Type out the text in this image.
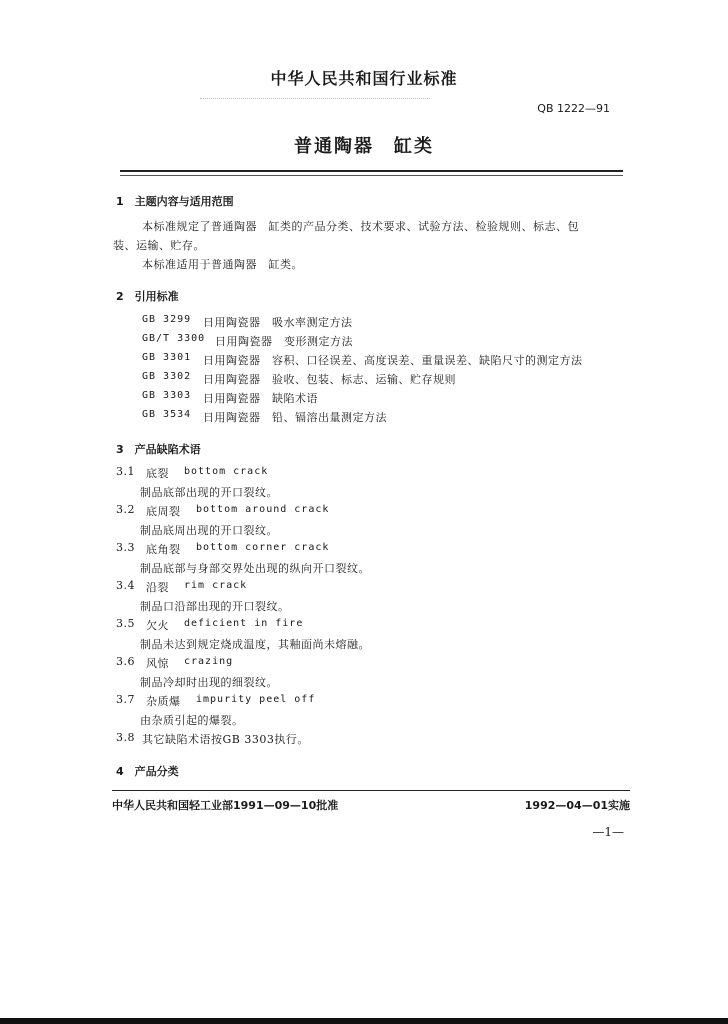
中华人民共和国行业标准
QB 1222—91
普通陶器　缸类
1　主题内容与适用范围
本标准规定了普通陶器　缸类的产品分类、技术要求、试验方法、检验规则、标志、包
装、运输、贮存。
本标准适用于普通陶器　缸类。
2　引用标准
GB 3299 日用陶瓷器　吸水率测定方法
GB/T 3300 日用陶瓷器　变形测定方法
GB 3301 日用陶瓷器　容积、口径误差、高度误差、重量误差、缺陷尺寸的测定方法
GB 3302 日用陶瓷器　验收、包装、标志、运输、贮存规则
GB 3303 日用陶瓷器　缺陷术语
GB 3534 日用陶瓷器　铅、镉溶出量测定方法
3　产品缺陷术语
3.1 底裂 bottom crack
制品底部出现的开口裂纹。
3.2 底周裂 bottom around crack
制品底周出现的开口裂纹。
3.3 底角裂 bottom corner crack
制品底部与身部交界处出现的纵向开口裂纹。
3.4 沿裂 rim crack
制品口沿部出现的开口裂纹。
3.5 欠火 deficient in fire
制品未达到规定烧成温度，其釉面尚未熔融。
3.6 风惊 crazing
制品冷却时出现的细裂纹。
3.7 杂质爆 impurity peel off
由杂质引起的爆裂。
3.8 其它缺陷术语按GB 3303执行。
4　产品分类
中华人民共和国轻工业部1991—09—10批准	1992—04—01实施
—1—
